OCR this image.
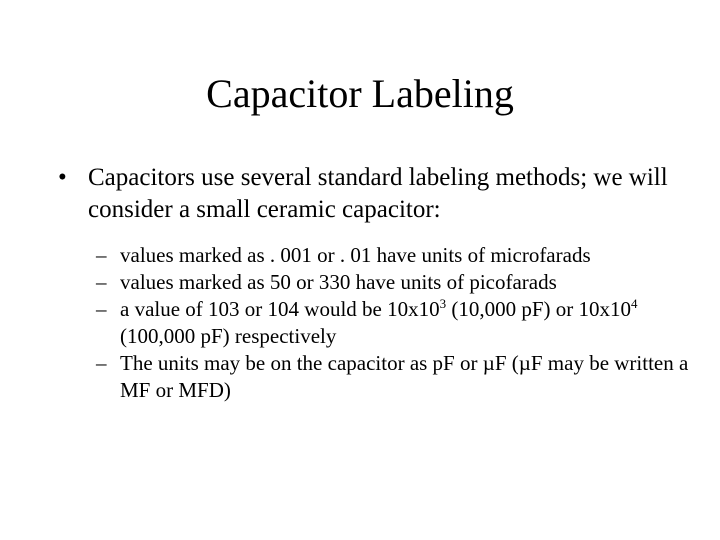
Capacitor Labeling
• Capacitors use several standard labeling methods; we will consider a small ceramic capacitor:
– values marked as . 001 or . 01 have units of microfarads
– values marked as 50 or 330 have units of picofarads
– a value of 103 or 104 would be $10x10^3$ (10,000 pF) or $10x10^4$ (100,000 pF) respectively
– The units may be on the capacitor as pF or µF (µF may be written a MF or MFD)
